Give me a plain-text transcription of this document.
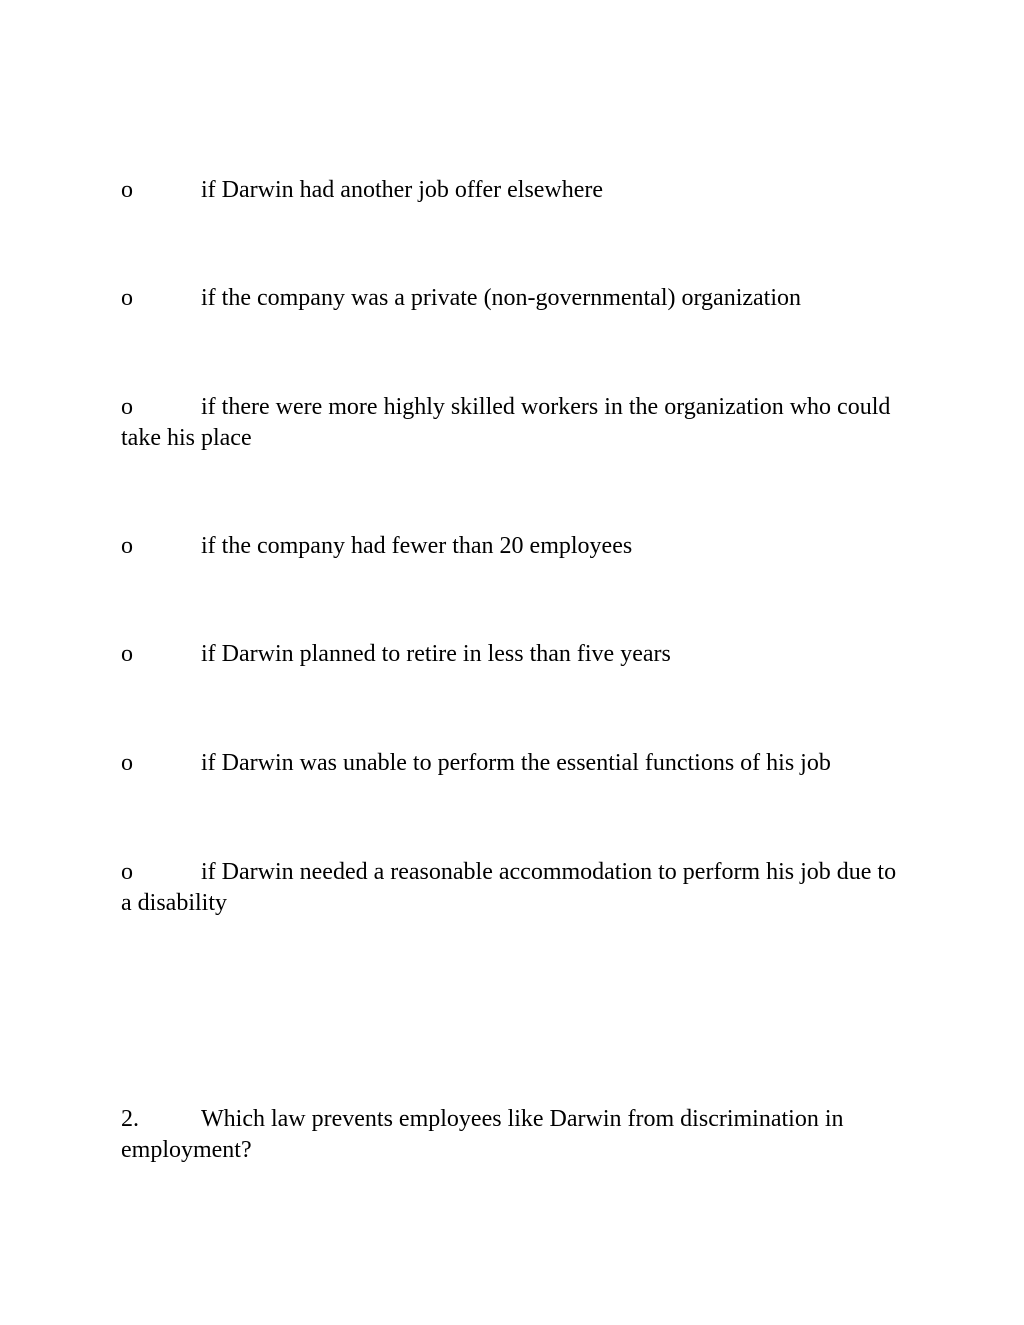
o	if Darwin had another job offer elsewhere
o	if the company was a private (non-governmental) organization
o	if there were more highly skilled workers in the organization who could take his place
o	if the company had fewer than 20 employees
o	if Darwin planned to retire in less than five years
o	if Darwin was unable to perform the essential functions of his job
o	if Darwin needed a reasonable accommodation to perform his job due to a disability
2.	Which law prevents employees like Darwin from discrimination in employment?
